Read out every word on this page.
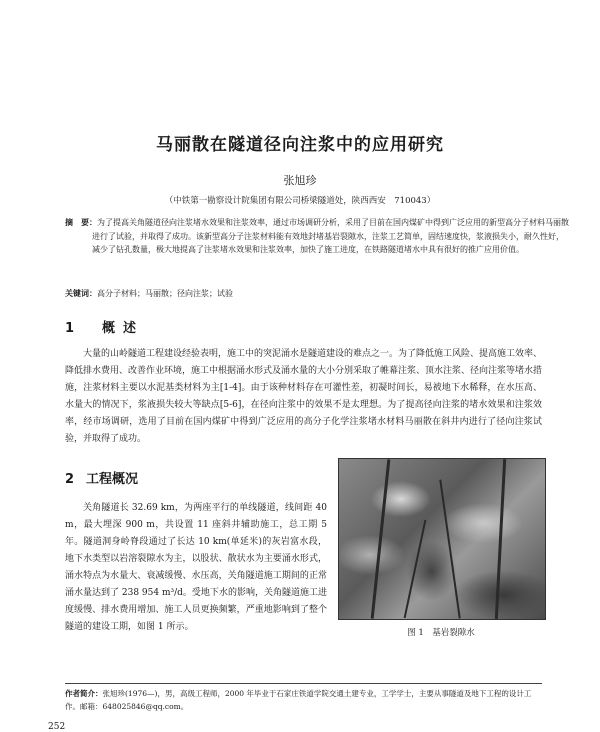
马丽散在隧道径向注浆中的应用研究
张旭珍
（中铁第一勘察设计院集团有限公司桥梁隧道处，陕西西安　710043）
摘　要：为了提高关角隧道径向注浆堵水效果和注浆效率，通过市场调研分析，采用了目前在国内煤矿中得到广泛应用的新型高分子材料马丽散进行了试验，并取得了成功。该新型高分子注浆材料能有效地封堵基岩裂隙水，注浆工艺简单，固结速度快，浆液损失小，耐久性好，减少了钻孔数量，极大地提高了注浆堵水效果和注浆效率，加快了施工进度，在铁路隧道堵水中具有很好的推广应用价值。
关键词：高分子材料；马丽散；径向注浆；试验
1 概述
大量的山岭隧道工程建设经验表明，施工中的突泥涌水是隧道建设的难点之一。为了降低施工风险、提高施工效率、降低排水费用、改善作业环境，施工中根据涌水形式及涌水量的大小分别采取了帷幕注浆、顶水注浆、径向注浆等堵水措施，注浆材料主要以水泥基类材料为主[1-4]。由于该种材料存在可灌性差，初凝时间长，易被地下水稀释，在水压高、水量大的情况下，浆液损失较大等缺点[5-6]，在径向注浆中的效果不是太理想。为了提高径向注浆的堵水效果和注浆效率，经市场调研，选用了目前在国内煤矿中得到广泛应用的高分子化学注浆堵水材料马丽散在斜井内进行了径向注浆试验，并取得了成功。
2 工程概况
关角隧道长 32.69 km，为两座平行的单线隧道，线间距 40 m，最大埋深 900 m，共设置 11 座斜井辅助施工，总工期 5 年。隧道洞身岭脊段通过了长达 10 km(单延米)的灰岩富水段，地下水类型以岩溶裂隙水为主，以股状、散状水为主要涌水形式，涌水特点为水量大、衰减缓慢、水压高，关角隧道施工期间的正常涌水量达到了 238 954 m³/d。受地下水的影响，关角隧道施工进度缓慢、排水费用增加、施工人员更换频繁，严重地影响到了整个隧道的建设工期，如图 1 所示。
图 1　基岩裂隙水
作者简介：张旭珍(1976—)，男，高级工程师，2000 年毕业于石家庄铁道学院交通土建专业，工学学士，主要从事隧道及地下工程的设计工作。邮箱：648025846@qq.com。
252
